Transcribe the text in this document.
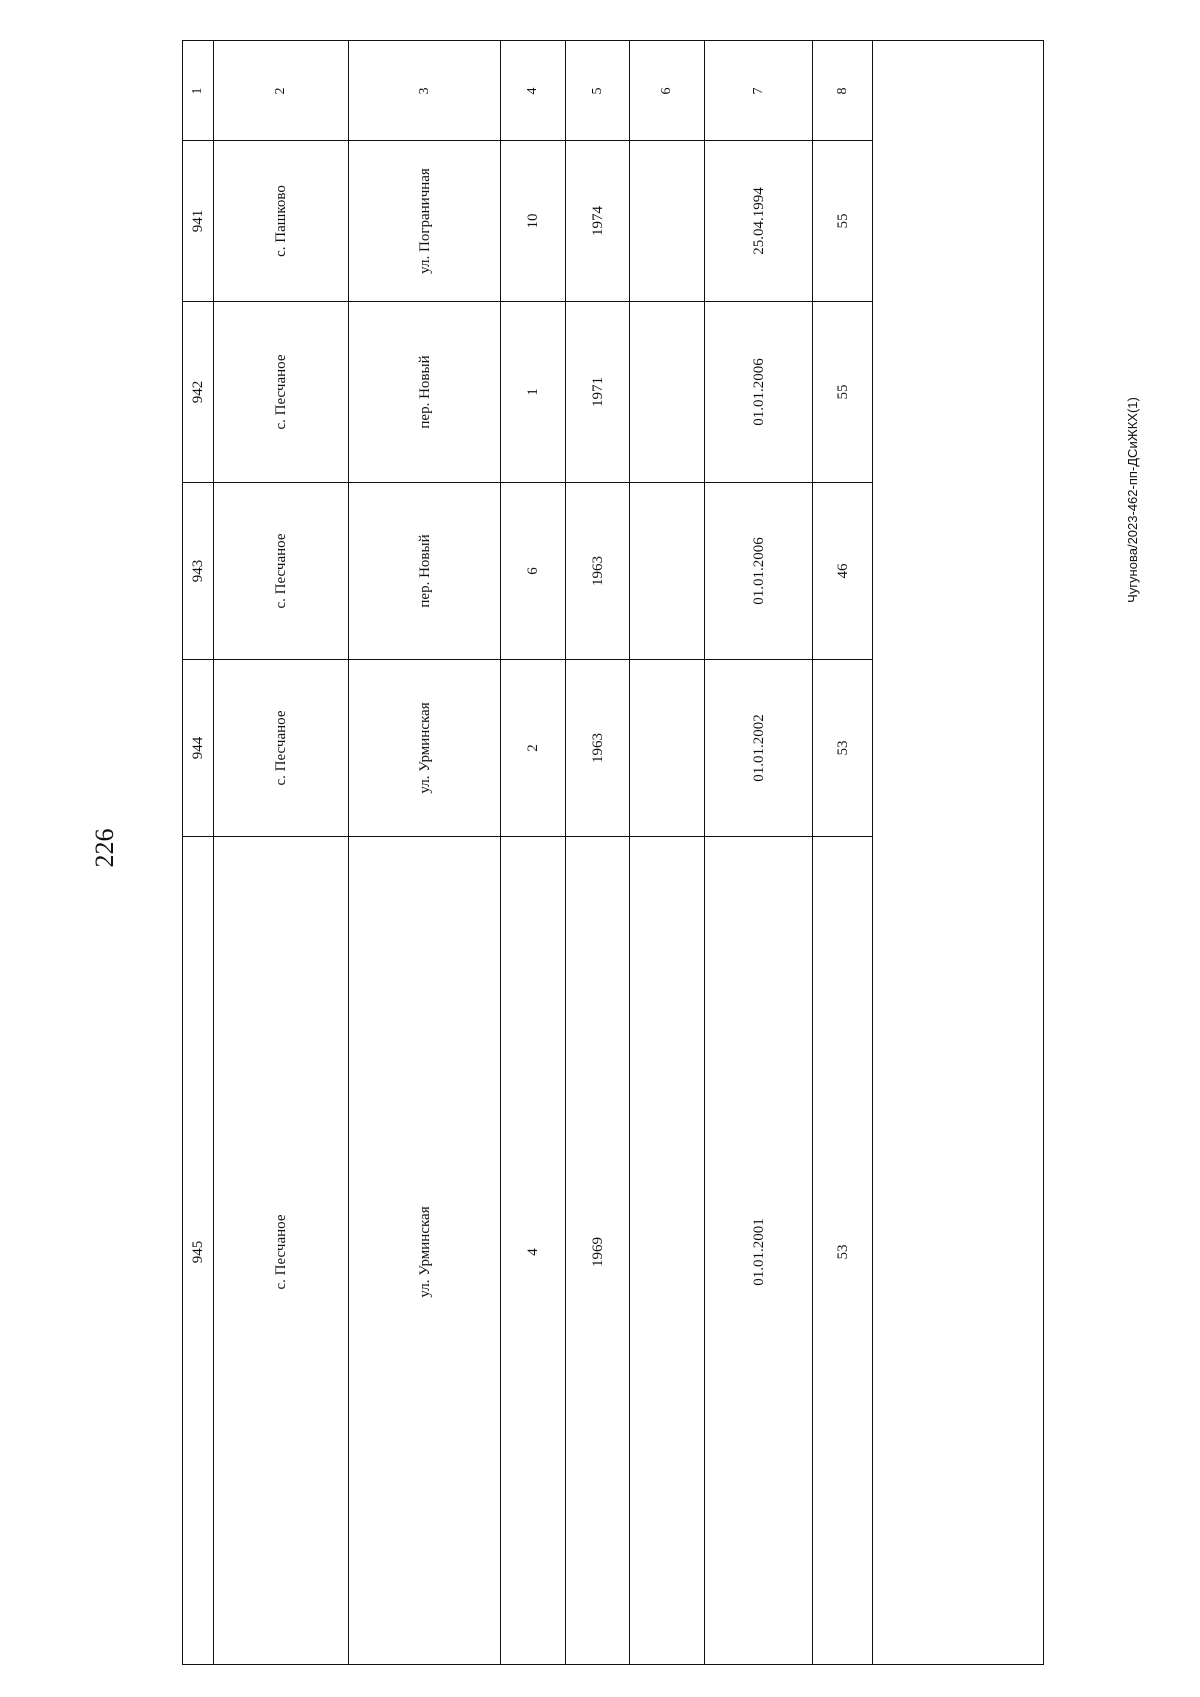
226
Чугунова/2023-462-пп-ДСиЖКХ(1)
1
941
942
943
944
945
2
с. Пашково
с. Песчаное
с. Песчаное
с. Песчаное
с. Песчаное
3
ул. Пограничная
пер. Новый
пер. Новый
ул. Урминская
ул. Урминская
4
10
1
6
2
4
5
1974
1971
1963
1963
1969
6	7
25.04.1994
01.01.2006
01.01.2006
01.01.2002
01.01.2001
8
55
55
46
53
53
